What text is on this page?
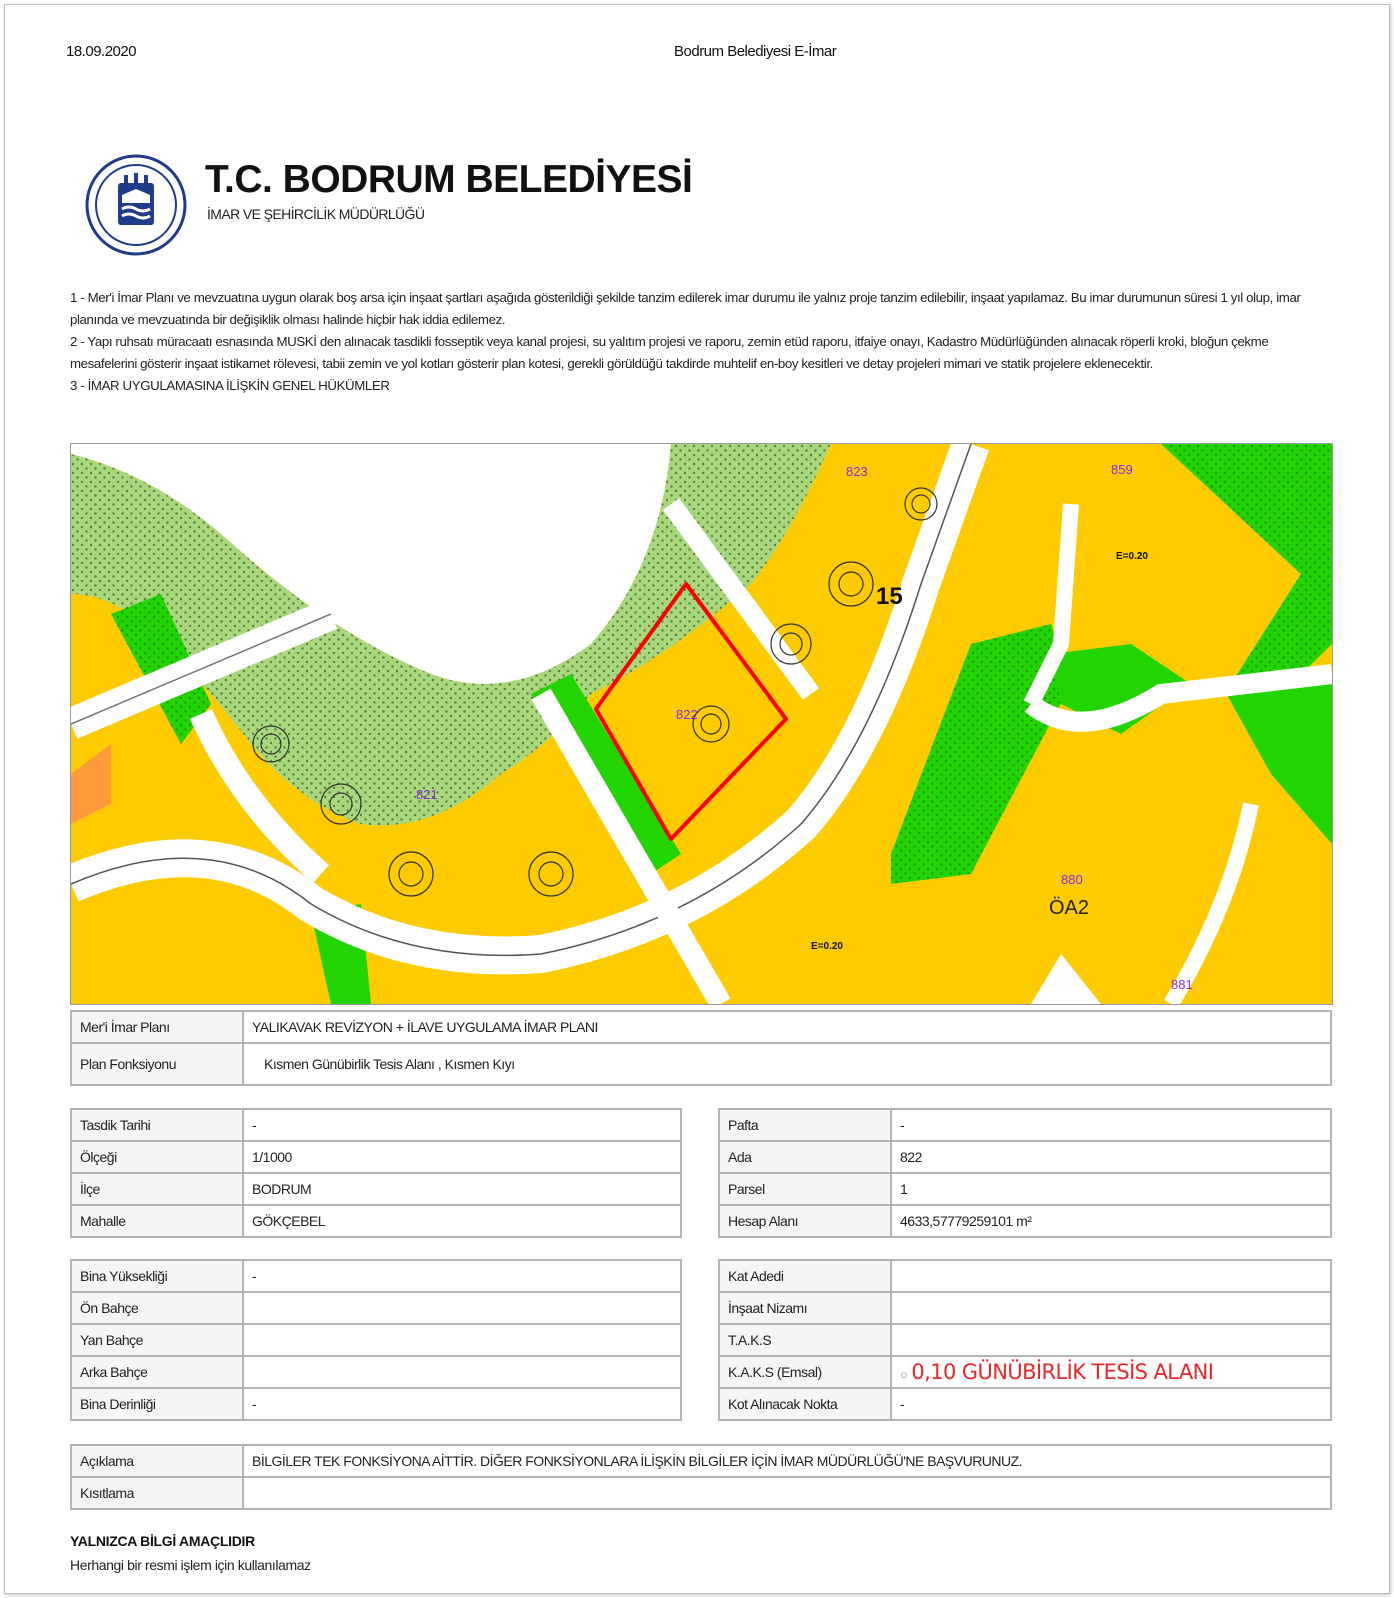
18.09.2020	Bodrum Belediyesi E-İmar
T.C. BODRUM BELEDİYESİ
İMAR VE ŞEHİRCİLİK MÜDÜRLÜĞÜ

1 - Mer'i İmar Planı ve mevzuatına uygun olarak boş arsa için inşaat şartları aşağıda gösterildiği şekilde tanzim edilerek imar durumu ile yalnız proje tanzim edilebilir, inşaat yapılamaz. Bu imar durumunun süresi 1 yıl olup, imar planında ve mevzuatında bir değişiklik olması halinde hiçbir hak iddia edilemez.

2 - Yapı ruhsatı müracaatı esnasında MUSKİ den alınacak tasdikli fosseptik veya kanal projesi, su yalıtım projesi ve raporu, zemin etüd raporu, itfaiye onayı, Kadastro Müdürlüğünden alınacak röperli kroki, bloğun çekme mesafelerini gösterir inşaat istikamet rölevesi, tabii zemin ve yol kotları gösterir plan kotesi, gerekli görüldüğü takdirde muhtelif en-boy kesitleri ve detay projeleri mimari ve statik projelere eklenecektir.

3 - İMAR UYGULAMASINA İLİŞKİN GENEL HÜKÜMLER

15
ÖA2
822
823
821
880
881
859
E=0.20
E=0.20
Mer'i İmar Planı	YALIKAVAK REVİZYON + İLAVE UYGULAMA İMAR PLANI
Plan Fonksiyonu	Kısmen Günübirlik Tesis Alanı , Kısmen Kıyı
Tasdik Tarihi	-
Ölçeği	1/1000
İlçe	BODRUM
Mahalle	GÖKÇEBEL
Pafta	-
Ada	822
Parsel	1
Hesap Alanı	4633,57779259101 m²
Bina Yüksekliği	-
Ön Bahçe	
Yan Bahçe	
Arka Bahçe	
Bina Derinliği	-
Kat Adedi	
İnşaat Nizamı	
T.A.K.S	
K.A.K.S (Emsal)	○ 0,10 GÜNÜBİRLİK TESİS ALANI
Kot Alınacak Nokta	-
Açıklama	BİLGİLER TEK FONKSİYONA AİTTİR. DİĞER FONKSİYONLARA İLİŞKİN BİLGİLER İÇİN İMAR MÜDÜRLÜĞÜ'NE BAŞVURUNUZ.
Kısıtlama	
YALNIZCA BİLGİ AMAÇLIDIR
Herhangi bir resmi işlem için kullanılamaz
